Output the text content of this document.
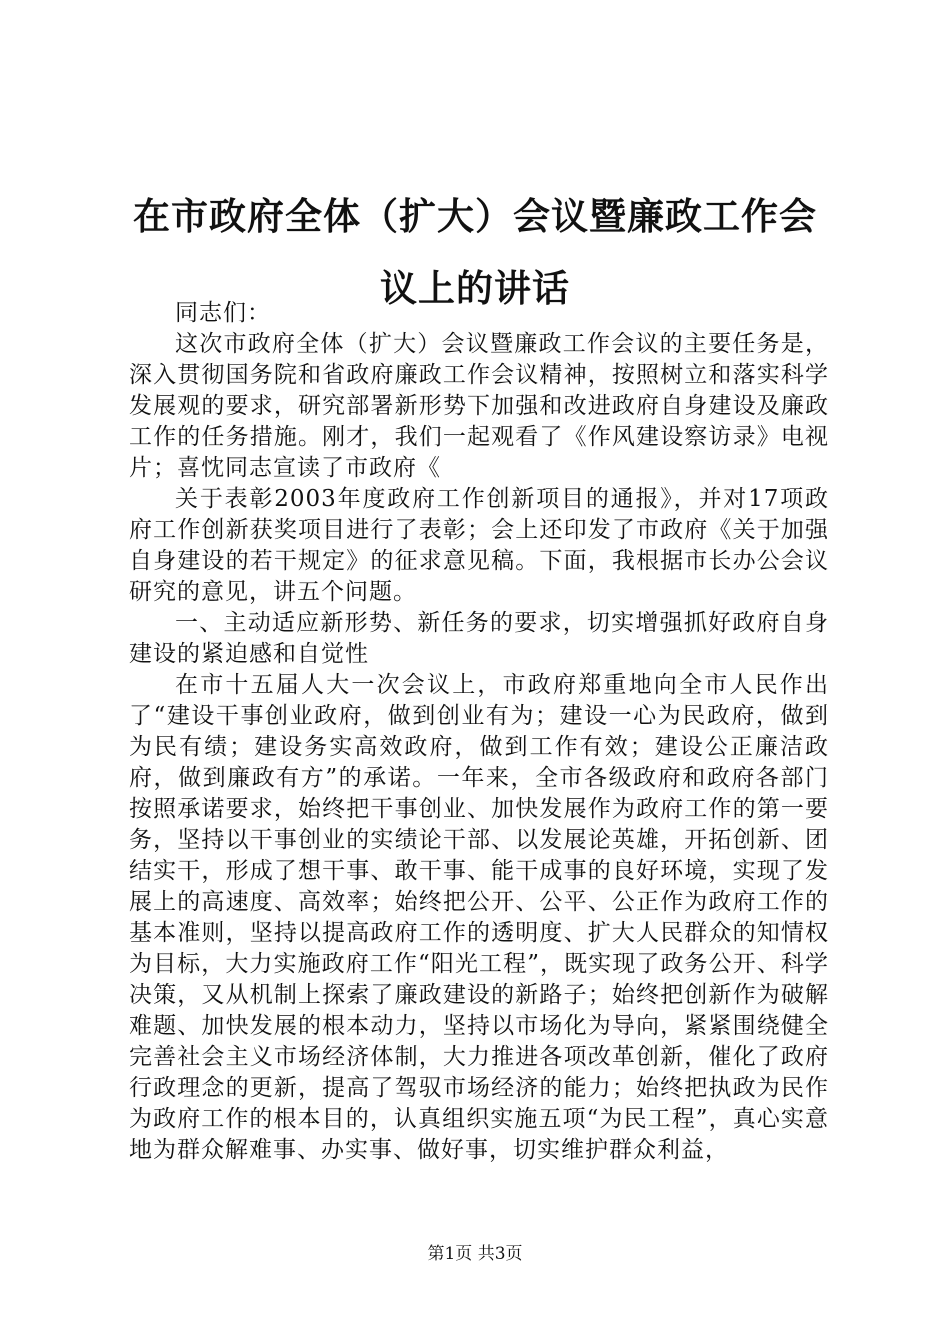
在市政府全体（扩大）会议暨廉政工作会议上的讲话

同志们：

这次市政府全体（扩大）会议暨廉政工作会议的主要任务是，深入贯彻国务院和省政府廉政工作会议精神，按照树立和落实科学发展观的要求，研究部署新形势下加强和改进政府自身建设及廉政工作的任务措施。刚才，我们一起观看了《作风建设察访录》电视片；喜忱同志宣读了市政府《

关于表彰2003年度政府工作创新项目的通报》，并对17项政府工作创新获奖项目进行了表彰；会上还印发了市政府《关于加强自身建设的若干规定》的征求意见稿。下面，我根据市长办公会议研究的意见，讲五个问题。

一、主动适应新形势、新任务的要求，切实增强抓好政府自身建设的紧迫感和自觉性

在市十五届人大一次会议上，市政府郑重地向全市人民作出了“建设干事创业政府，做到创业有为；建设一心为民政府，做到为民有绩；建设务实高效政府，做到工作有效；建设公正廉洁政府，做到廉政有方”的承诺。一年来，全市各级政府和政府各部门按照承诺要求，始终把干事创业、加快发展作为政府工作的第一要务，坚持以干事创业的实绩论干部、以发展论英雄，开拓创新、团结实干，形成了想干事、敢干事、能干成事的良好环境，实现了发展上的高速度、高效率；始终把公开、公平、公正作为政府工作的基本准则，坚持以提高政府工作的透明度、扩大人民群众的知情权为目标，大力实施政府工作“阳光工程”，既实现了政务公开、科学决策，又从机制上探索了廉政建设的新路子；始终把创新作为破解难题、加快发展的根本动力，坚持以市场化为导向，紧紧围绕健全完善社会主义市场经济体制，大力推进各项改革创新，催化了政府行政理念的更新，提高了驾驭市场经济的能力；始终把执政为民作为政府工作的根本目的，认真组织实施五项“为民工程”，真心实意地为群众解难事、办实事、做好事，切实维护群众利益，

第1页 共3页
